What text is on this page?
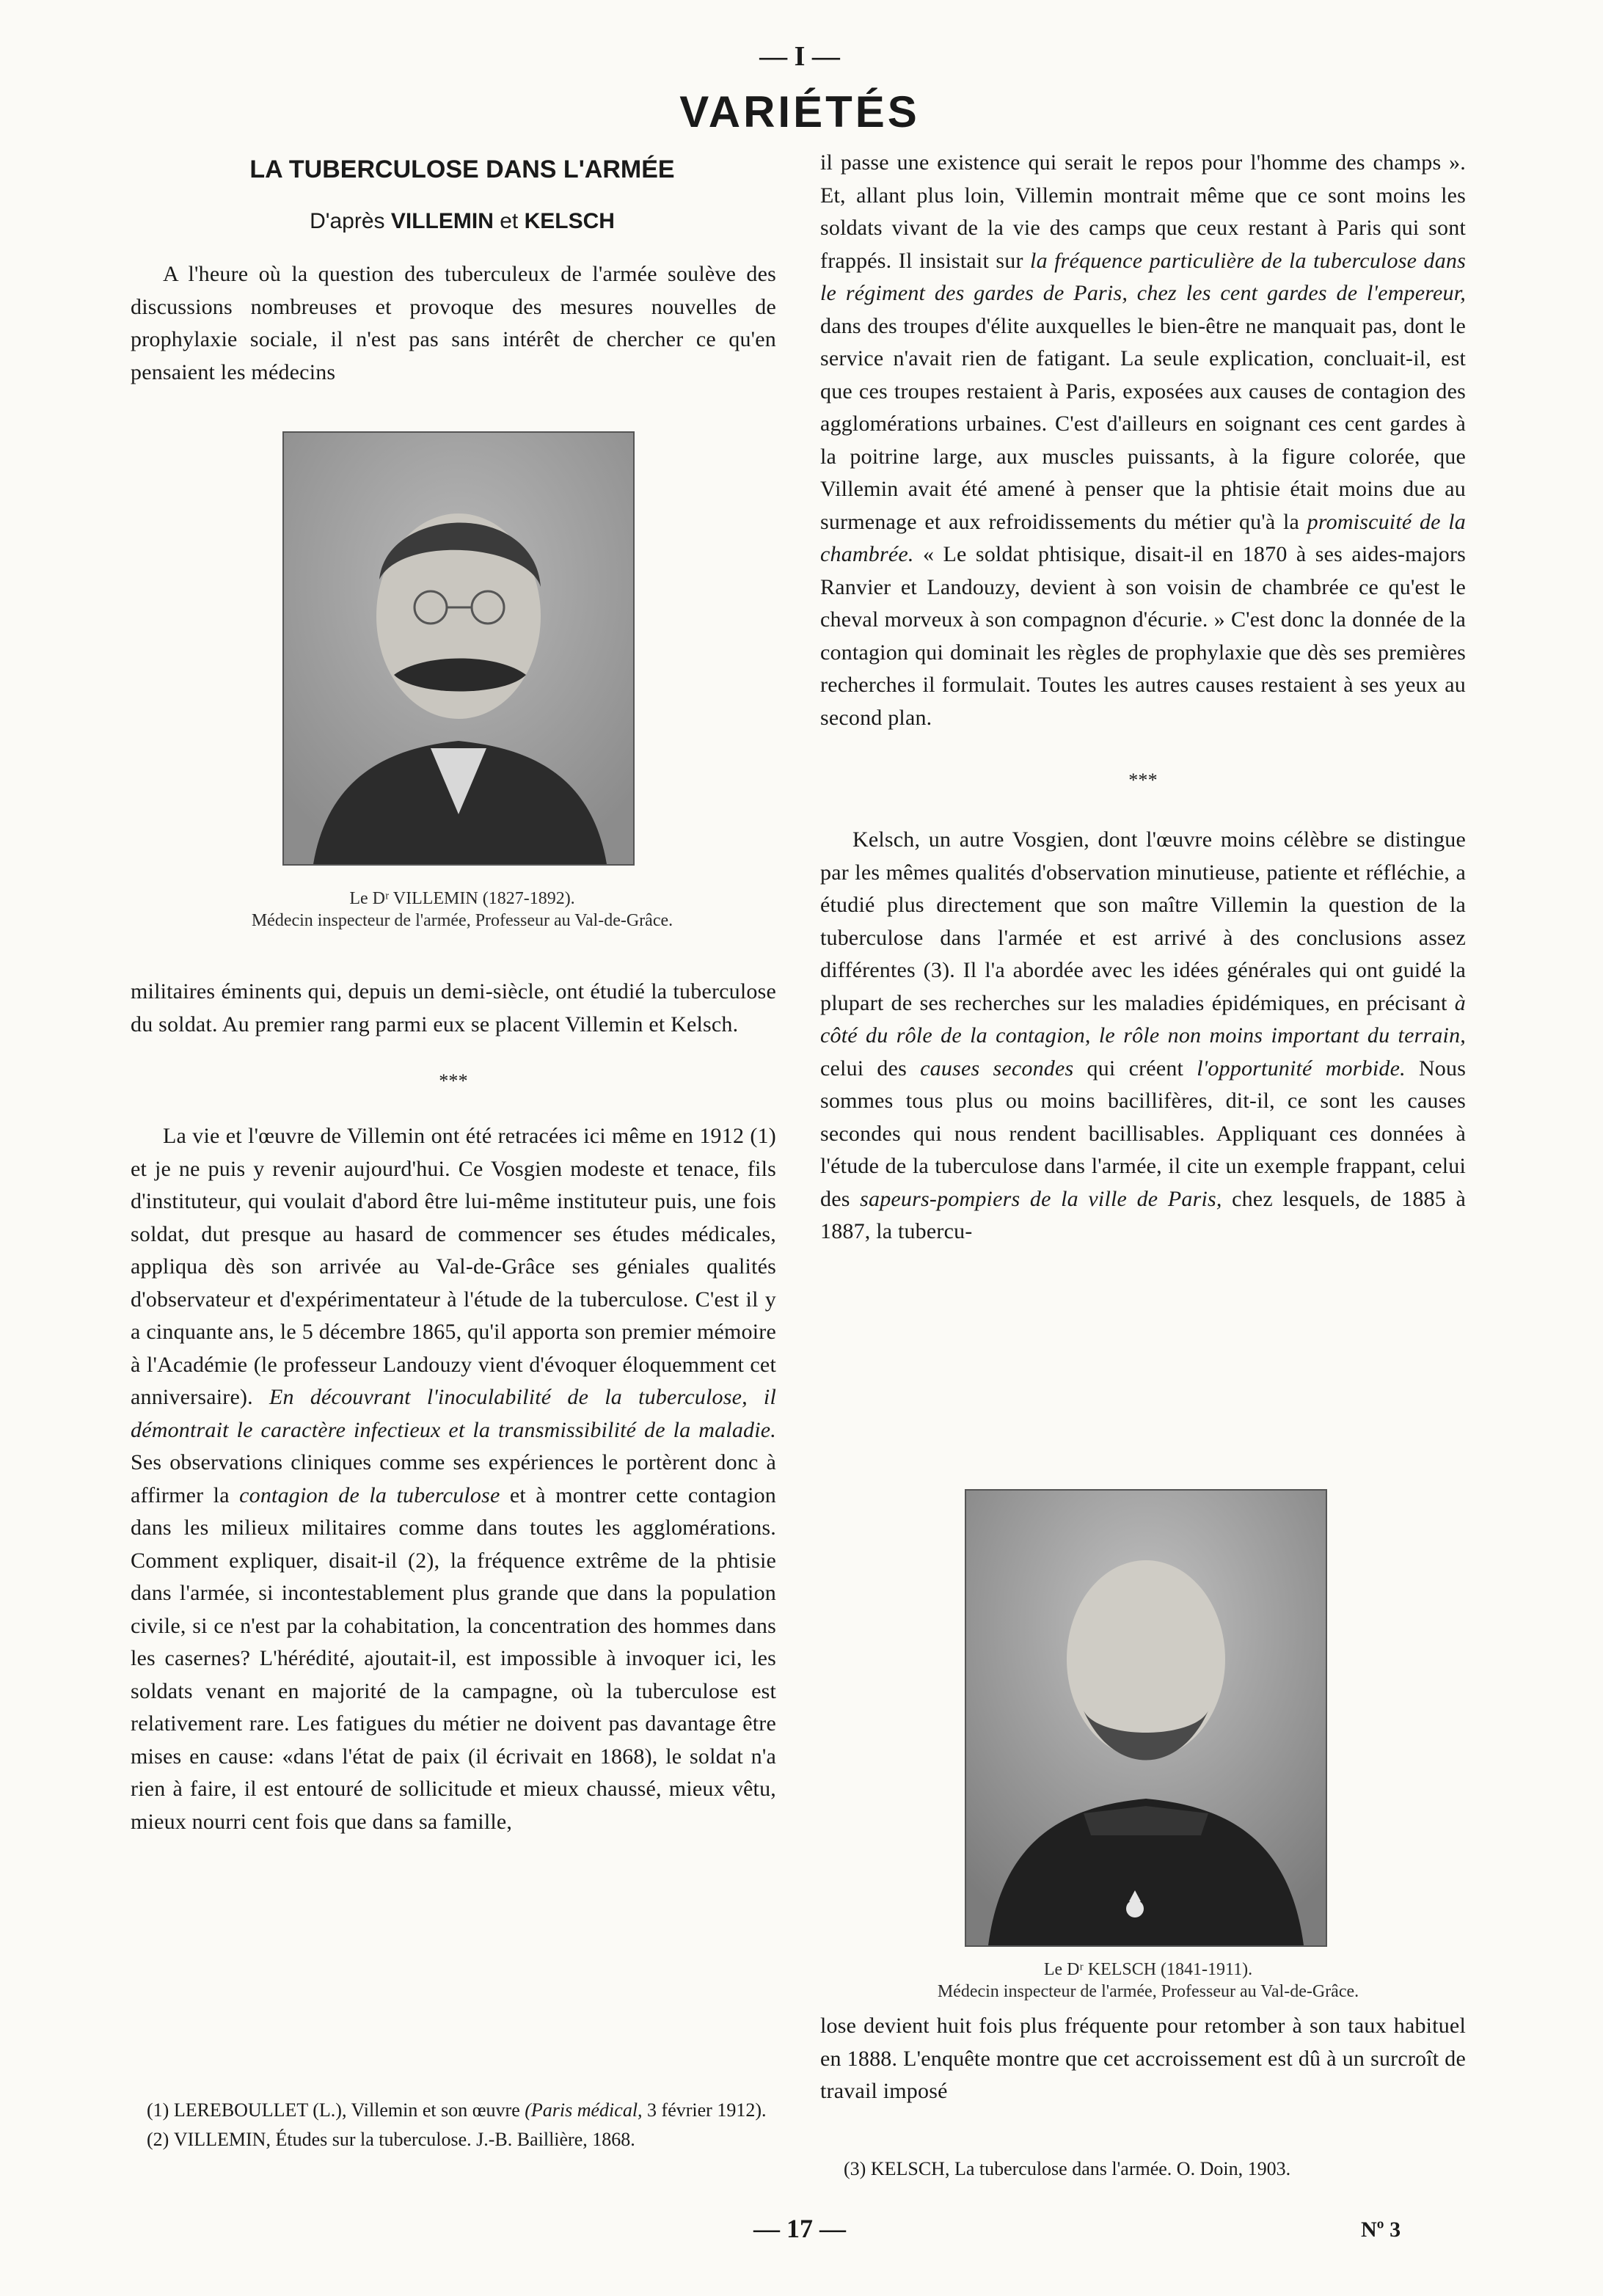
— I —
VARIÉTÉS
LA TUBERCULOSE DANS L'ARMÉE
D'après VILLEMIN et KELSCH

A l'heure où la question des tuberculeux de l'armée soulève des discussions nombreuses et provoque des mesures nouvelles de prophylaxie sociale, il n'est pas sans intérêt de chercher ce qu'en pensaient les médecins

Le Dʳ VILLEMIN (1827-1892).
Médecin inspecteur de l'armée, Professeur au Val-de-Grâce.

militaires éminents qui, depuis un demi-siècle, ont étudié la tuberculose du soldat. Au premier rang parmi eux se placent Villemin et Kelsch.

***

La vie et l'œuvre de Villemin ont été retracées ici même en 1912 (1) et je ne puis y revenir aujourd'hui. Ce Vosgien modeste et tenace, fils d'instituteur, qui voulait d'abord être lui-même instituteur puis, une fois soldat, dut presque au hasard de commencer ses études médicales, appliqua dès son arrivée au Val-de-Grâce ses géniales qualités d'observateur et d'expérimentateur à l'étude de la tuberculose. C'est il y a cinquante ans, le 5 décembre 1865, qu'il apporta son premier mémoire à l'Académie (le professeur Landouzy vient d'évoquer éloquemment cet anniversaire). En découvrant l'inoculabilité de la tuberculose, il démontrait le caractère infectieux et la transmissibilité de la maladie. Ses observations cliniques comme ses expériences le portèrent donc à affirmer la contagion de la tuberculose et à montrer cette contagion dans les milieux militaires comme dans toutes les agglomérations. Comment expliquer, disait-il (2), la fréquence extrême de la phtisie dans l'armée, si incontestablement plus grande que dans la population civile, si ce n'est par la cohabitation, la concentration des hommes dans les casernes? L'hérédité, ajoutait-il, est impossible à invoquer ici, les soldats venant en majorité de la campagne, où la tuberculose est relativement rare. Les fatigues du métier ne doivent pas davantage être mises en cause: «dans l'état de paix (il écrivait en 1868), le soldat n'a rien à faire, il est entouré de sollicitude et mieux chaussé, mieux vêtu, mieux nourri cent fois que dans sa famille,

(1) LEREBOULLET (L.), Villemin et son œuvre (Paris médical, 3 février 1912).
(2) VILLEMIN, Études sur la tuberculose. J.-B. Baillière, 1868.

il passe une existence qui serait le repos pour l'homme des champs ». Et, allant plus loin, Villemin montrait même que ce sont moins les soldats vivant de la vie des camps que ceux restant à Paris qui sont frappés. Il insistait sur la fréquence particulière de la tuberculose dans le régiment des gardes de Paris, chez les cent gardes de l'empereur, dans des troupes d'élite auxquelles le bien-être ne manquait pas, dont le service n'avait rien de fatigant. La seule explication, concluait-il, est que ces troupes restaient à Paris, exposées aux causes de contagion des agglomérations urbaines. C'est d'ailleurs en soignant ces cent gardes à la poitrine large, aux muscles puissants, à la figure colorée, que Villemin avait été amené à penser que la phtisie était moins due au surmenage et aux refroidissements du métier qu'à la promiscuité de la chambrée. « Le soldat phtisique, disait-il en 1870 à ses aides-majors Ranvier et Landouzy, devient à son voisin de chambrée ce qu'est le cheval morveux à son compagnon d'écurie. » C'est donc la donnée de la contagion qui dominait les règles de prophylaxie que dès ses premières recherches il formulait. Toutes les autres causes restaient à ses yeux au second plan.

***

Kelsch, un autre Vosgien, dont l'œuvre moins célèbre se distingue par les mêmes qualités d'observation minutieuse, patiente et réfléchie, a étudié plus directement que son maître Villemin la question de la tuberculose dans l'armée et est arrivé à des conclusions assez différentes (3). Il l'a abordée avec les idées générales qui ont guidé la plupart de ses recherches sur les maladies épidémiques, en précisant à côté du rôle de la contagion, le rôle non moins important du terrain, celui des causes secondes qui créent l'opportunité morbide. Nous sommes tous plus ou moins bacillifères, dit-il, ce sont les causes secondes qui nous rendent bacillisables. Appliquant ces données à l'étude de la tuberculose dans l'armée, il cite un exemple frappant, celui des sapeurs-pompiers de la ville de Paris, chez lesquels, de 1885 à 1887, la tubercu-

Le Dʳ KELSCH (1841-1911).
Médecin inspecteur de l'armée, Professeur au Val-de-Grâce.

lose devient huit fois plus fréquente pour retomber à son taux habituel en 1888. L'enquête montre que cet accroissement est dû à un surcroît de travail imposé

(3) KELSCH, La tuberculose dans l'armée. O. Doin, 1903.
— 17 —	Nº 3
